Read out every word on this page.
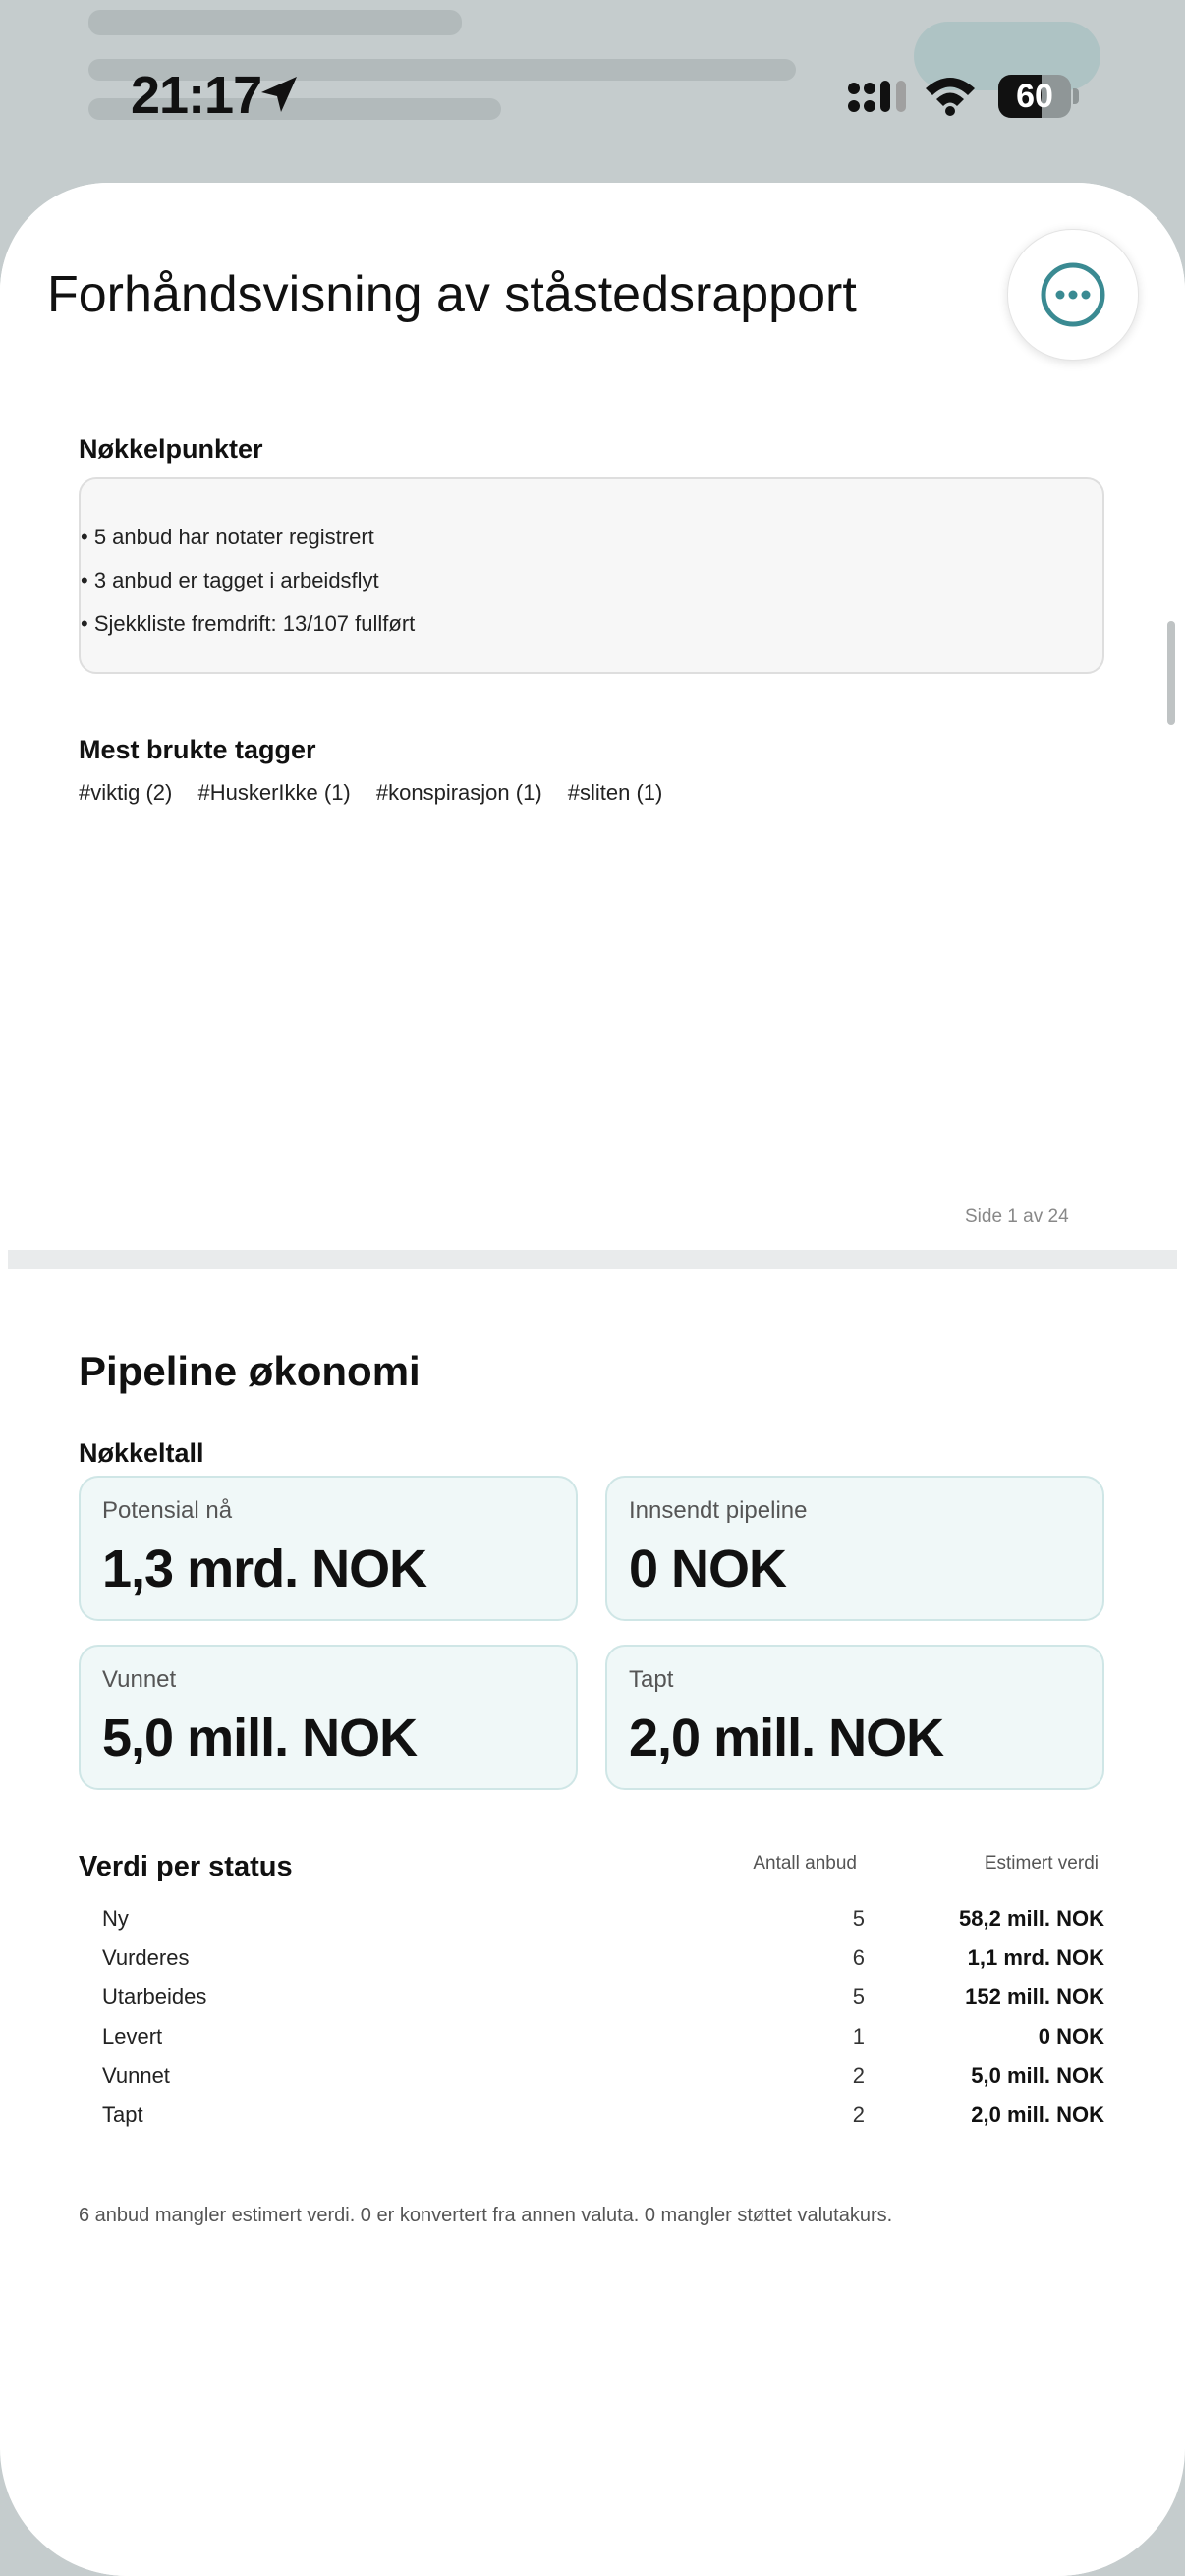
21:17	60
Forhåndsvisning av ståstedsrapport
Nøkkelpunkter
• 5 anbud har notater registrert
• 3 anbud er tagget i arbeidsflyt
• Sjekkliste fremdrift: 13/107 fullført
Mest brukte tagger
#viktig (2) #HuskerIkke (1) #konspirasjon (1) #sliten (1)
Side 1 av 24
Pipeline økonomi
Nøkkeltall
Potensial nå
1,3 mrd. NOK
Innsendt pipeline
0 NOK
Vunnet
5,0 mill. NOK
Tapt
2,0 mill. NOK
Verdi per status	Antall anbud	Estimert verdi
Ny	5	58,2 mill. NOK
Vurderes	6	1,1 mrd. NOK
Utarbeides	5	152 mill. NOK
Levert	1	0 NOK
Vunnet	2	5,0 mill. NOK
Tapt	2	2,0 mill. NOK
6 anbud mangler estimert verdi. 0 er konvertert fra annen valuta. 0 mangler støttet valutakurs.
